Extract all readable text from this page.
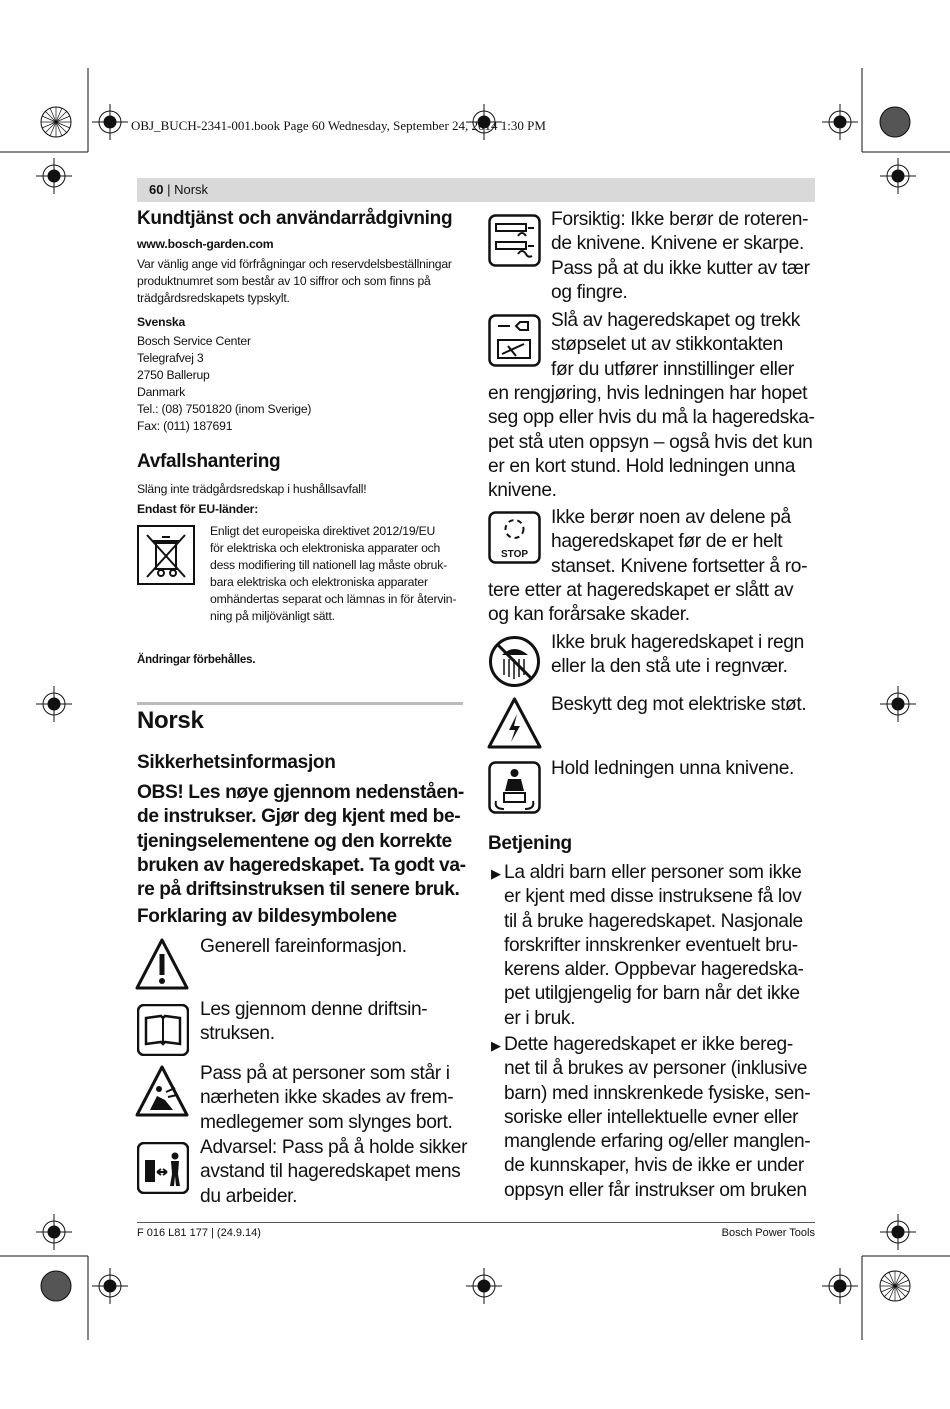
OBJ_BUCH-2341-001.book Page 60 Wednesday, September 24, 2014 1:30 PM
60 | Norsk
Kundtjänst och användarrådgivning
www.bosch-garden.com
Var vänlig ange vid förfrågningar och reservdelsbeställningar
produktnumret som består av 10 siffror och som finns på
trädgårdsredskapets typskylt.
Svenska
Bosch Service Center
Telegrafvej 3
2750 Ballerup
Danmark
Tel.: (08) 7501820 (inom Sverige)
Fax: (011) 187691
Avfallshantering
Släng inte trädgårdsredskap i hushållsavfall!
Endast för EU-länder:
Enligt det europeiska direktivet 2012/19/EU
för elektriska och elektroniska apparater och
dess modifiering till nationell lag måste obruk-
bara elektriska och elektroniska apparater
omhändertas separat och lämnas in för återvin-
ning på miljövänligt sätt.
Ändringar förbehålles.
Norsk
Sikkerhetsinformasjon
OBS! Les nøye gjennom nedenståen-
de instrukser. Gjør deg kjent med be-
tjeningselementene og den korrekte
bruken av hageredskapet. Ta godt va-
re på driftsinstruksen til senere bruk.
Forklaring av bildesymbolene
Generell fareinformasjon.
Les gjennom denne driftsin-
struksen.
Pass på at personer som står i
nærheten ikke skades av frem-
medlegemer som slynges bort.
Advarsel: Pass på å holde sikker
avstand til hageredskapet mens
du arbeider.
Forsiktig: Ikke berør de roteren-
de knivene. Knivene er skarpe.
Pass på at du ikke kutter av tær
og fingre.
Slå av hageredskapet og trekk
støpselet ut av stikkontakten
før du utfører innstillinger eller
en rengjøring, hvis ledningen har hopet
seg opp eller hvis du må la hageredska-
pet stå uten oppsyn – også hvis det kun
er en kort stund. Hold ledningen unna
knivene.
STOP
Ikke berør noen av delene på
hageredskapet før de er helt
stanset. Knivene fortsetter å ro-
tere etter at hageredskapet er slått av
og kan forårsake skader.
Ikke bruk hageredskapet i regn
eller la den stå ute i regnvær.
Beskytt deg mot elektriske støt.
Hold ledningen unna knivene.
Betjening
▶ La aldri barn eller personer som ikke
er kjent med disse instruksene få lov
til å bruke hageredskapet. Nasjonale
forskrifter innskrenker eventuelt bru-
kerens alder. Oppbevar hageredska-
pet utilgjengelig for barn når det ikke
er i bruk.
▶ Dette hageredskapet er ikke bereg-
net til å brukes av personer (inklusive
barn) med innskrenkede fysiske, sen-
soriske eller intellektuelle evner eller
manglende erfaring og/eller manglen-
de kunnskaper, hvis de ikke er under
oppsyn eller får instrukser om bruken
F 016 L81 177 | (24.9.14)	Bosch Power Tools
